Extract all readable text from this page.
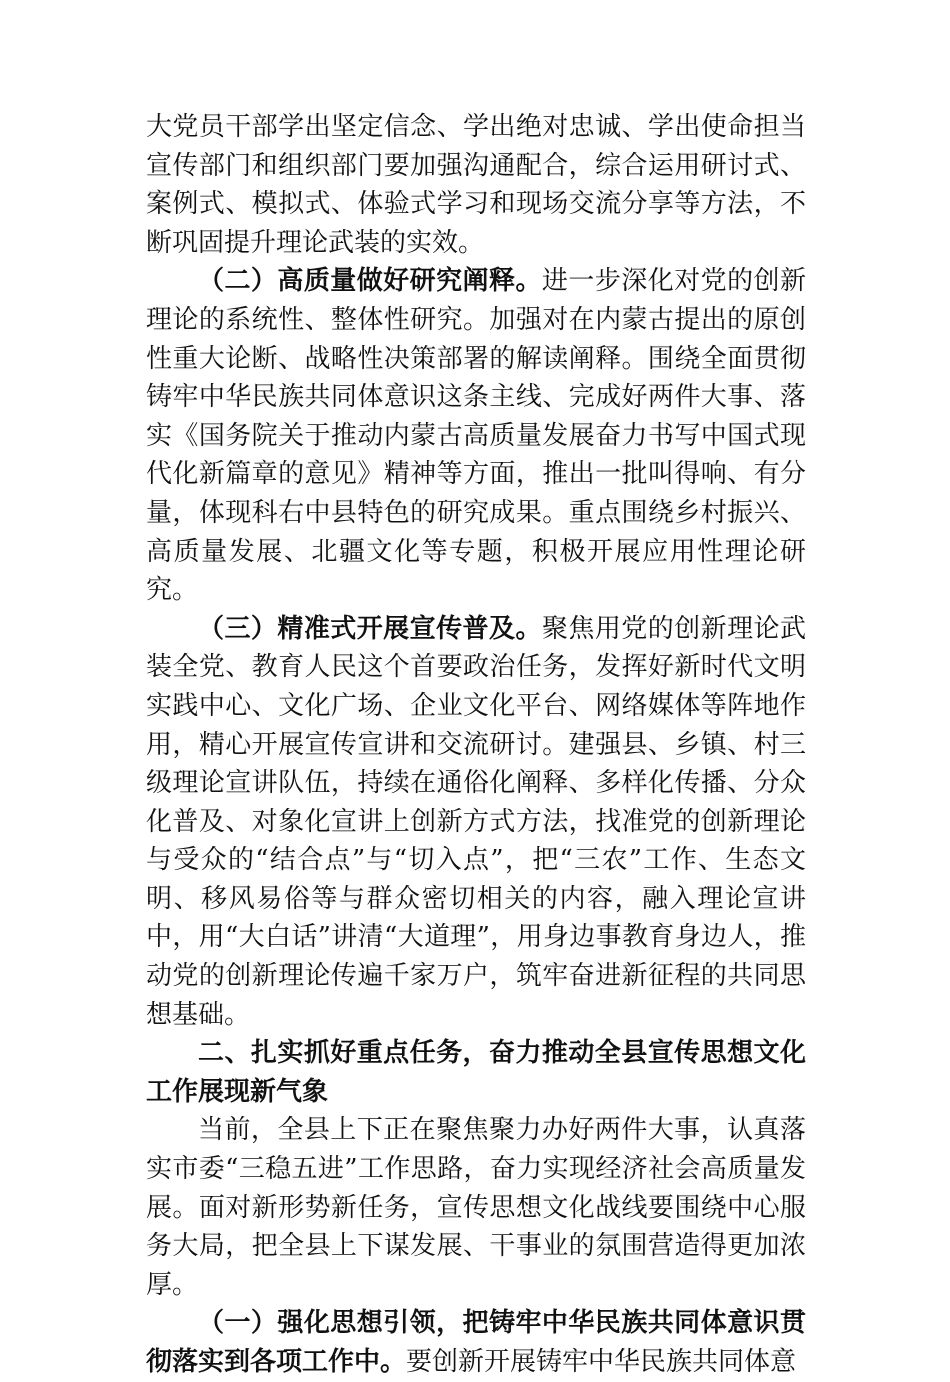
大党员干部学出坚定信念、学出绝对忠诚、学出使命担当宣传部门和组织部门要加强沟通配合，综合运用研讨式、案例式、模拟式、体验式学习和现场交流分享等方法，不断巩固提升理论武装的实效。

（二）高质量做好研究阐释。进一步深化对党的创新理论的系统性、整体性研究。加强对在内蒙古提出的原创性重大论断、战略性决策部署的解读阐释。围绕全面贯彻铸牢中华民族共同体意识这条主线、完成好两件大事、落实《国务院关于推动内蒙古高质量发展奋力书写中国式现代化新篇章的意见》精神等方面，推出一批叫得响、有分量，体现科右中县特色的研究成果。重点围绕乡村振兴、高质量发展、北疆文化等专题，积极开展应用性理论研究。

（三）精准式开展宣传普及。聚焦用党的创新理论武装全党、教育人民这个首要政治任务，发挥好新时代文明实践中心、文化广场、企业文化平台、网络媒体等阵地作用，精心开展宣传宣讲和交流研讨。建强县、乡镇、村三级理论宣讲队伍，持续在通俗化阐释、多样化传播、分众化普及、对象化宣讲上创新方式方法，找准党的创新理论与受众的“结合点”与“切入点”，把“三农”工作、生态文明、移风易俗等与群众密切相关的内容，融入理论宣讲中，用“大白话”讲清“大道理”，用身边事教育身边人，推动党的创新理论传遍千家万户，筑牢奋进新征程的共同思想基础。

二、扎实抓好重点任务，奋力推动全县宣传思想文化工作展现新气象

当前，全县上下正在聚焦聚力办好两件大事，认真落实市委“三稳五进”工作思路，奋力实现经济社会高质量发展。面对新形势新任务，宣传思想文化战线要围绕中心服务大局，把全县上下谋发展、干事业的氛围营造得更加浓厚。

（一）强化思想引领，把铸牢中华民族共同体意识贯彻落实到各项工作中。要创新开展铸牢中华民族共同体意
